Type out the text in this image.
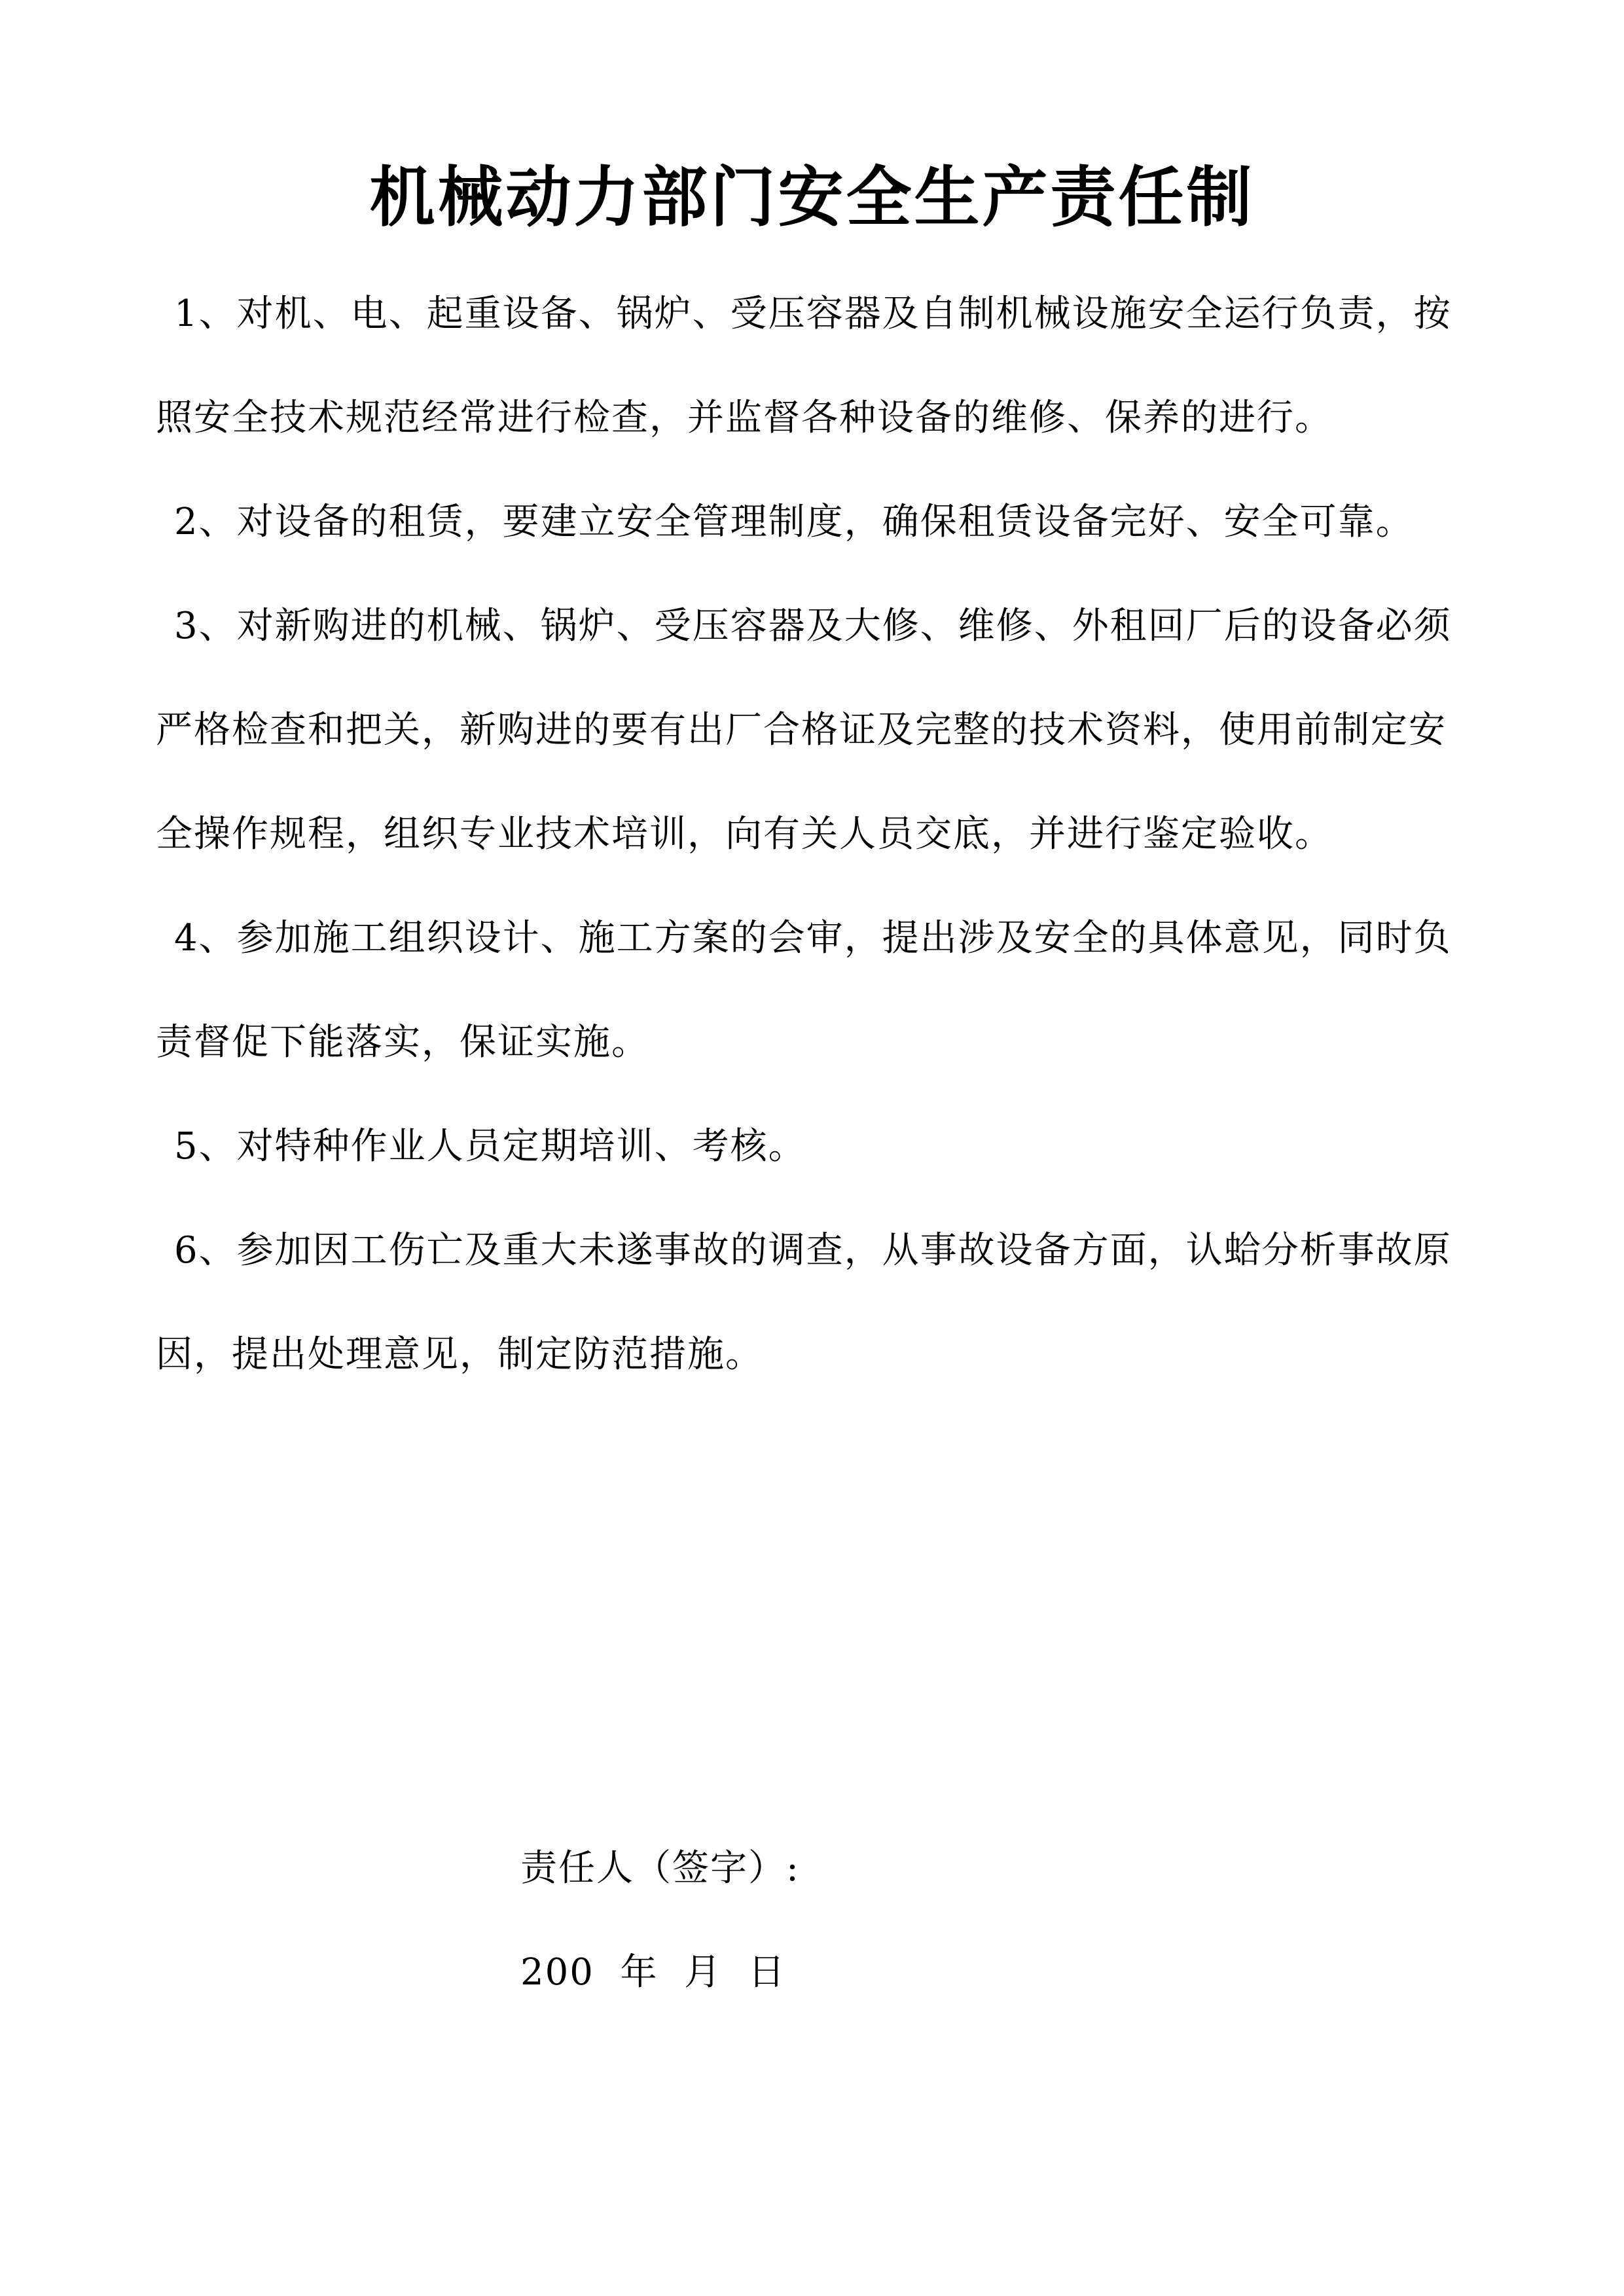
机械动力部门安全生产责任制

1、对机、电、起重设备、锅炉、受压容器及自制机械设施安全运行负责，按照安全技术规范经常进行检查，并监督各种设备的维修、保养的进行。

2、对设备的租赁，要建立安全管理制度，确保租赁设备完好、安全可靠。

3、对新购进的机械、锅炉、受压容器及大修、维修、外租回厂后的设备必须严格检查和把关，新购进的要有出厂合格证及完整的技术资料，使用前制定安全操作规程，组织专业技术培训，向有关人员交底，并进行鉴定验收。

4、参加施工组织设计、施工方案的会审，提出涉及安全的具体意见，同时负责督促下能落实，保证实施。

5、对特种作业人员定期培训、考核。

6、参加因工伤亡及重大未遂事故的调查，从事故设备方面，认蛤分析事故原因，提出处理意见，制定防范措施。

责任人（签字）:

200  年  月  日
